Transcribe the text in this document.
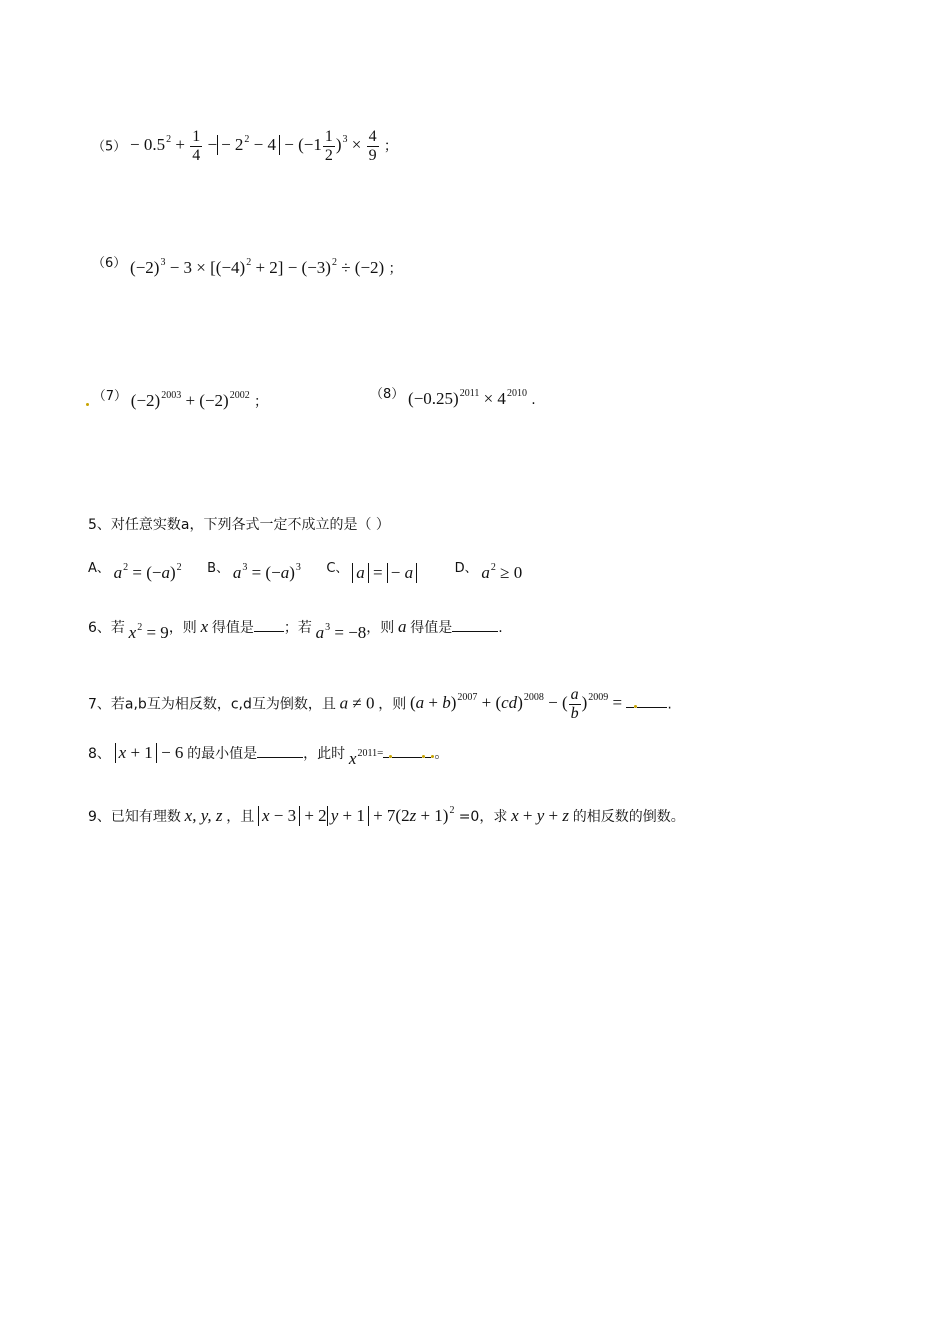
$(5) - 0.5^2 + \frac{1}{4}$ − − $2^2 - 4 - (-1 \frac{1}{2} )^3 \times \frac{4}{9}$ ；
（6） $(-2)^3 - 3 \times [(-4)^2 + 2] - (-3)^2 \div (-2)$ ；
（7） $(-2)^{2003} + (-2)^{2002}$ ；	（8） $(-0.25)^{2011} \times 4^{2010}$ .
5、对任意实数a，下列各式一定不成立的是（ ）
A、 $a^2 = (-a)^2$ B、 $a^3 = (-a)^3$ C、 a = − a	D、 $a^2 \ge 0$
6、若 $x^2 = 9$，则 x 得值是 ；若 $a^3 = -8$，则 a 得值是	.
7、若a,b互为相反数，c,d互为倒数，且 a ≠ 0 ，则 $(a + b)^{2007} + (cd)^{2008}$ − ( $\frac{a}{b} )^{2009}$ =	.
8、 x + 1 − 6 的最小值是	，此时 $x^{2011}=$	。
9、已知有理数 x, y, z ，且 x − 3 + 2 $y + 1 + 7(2z + 1)^2 =0$，求 x + y + z 的相反数的倒数。
